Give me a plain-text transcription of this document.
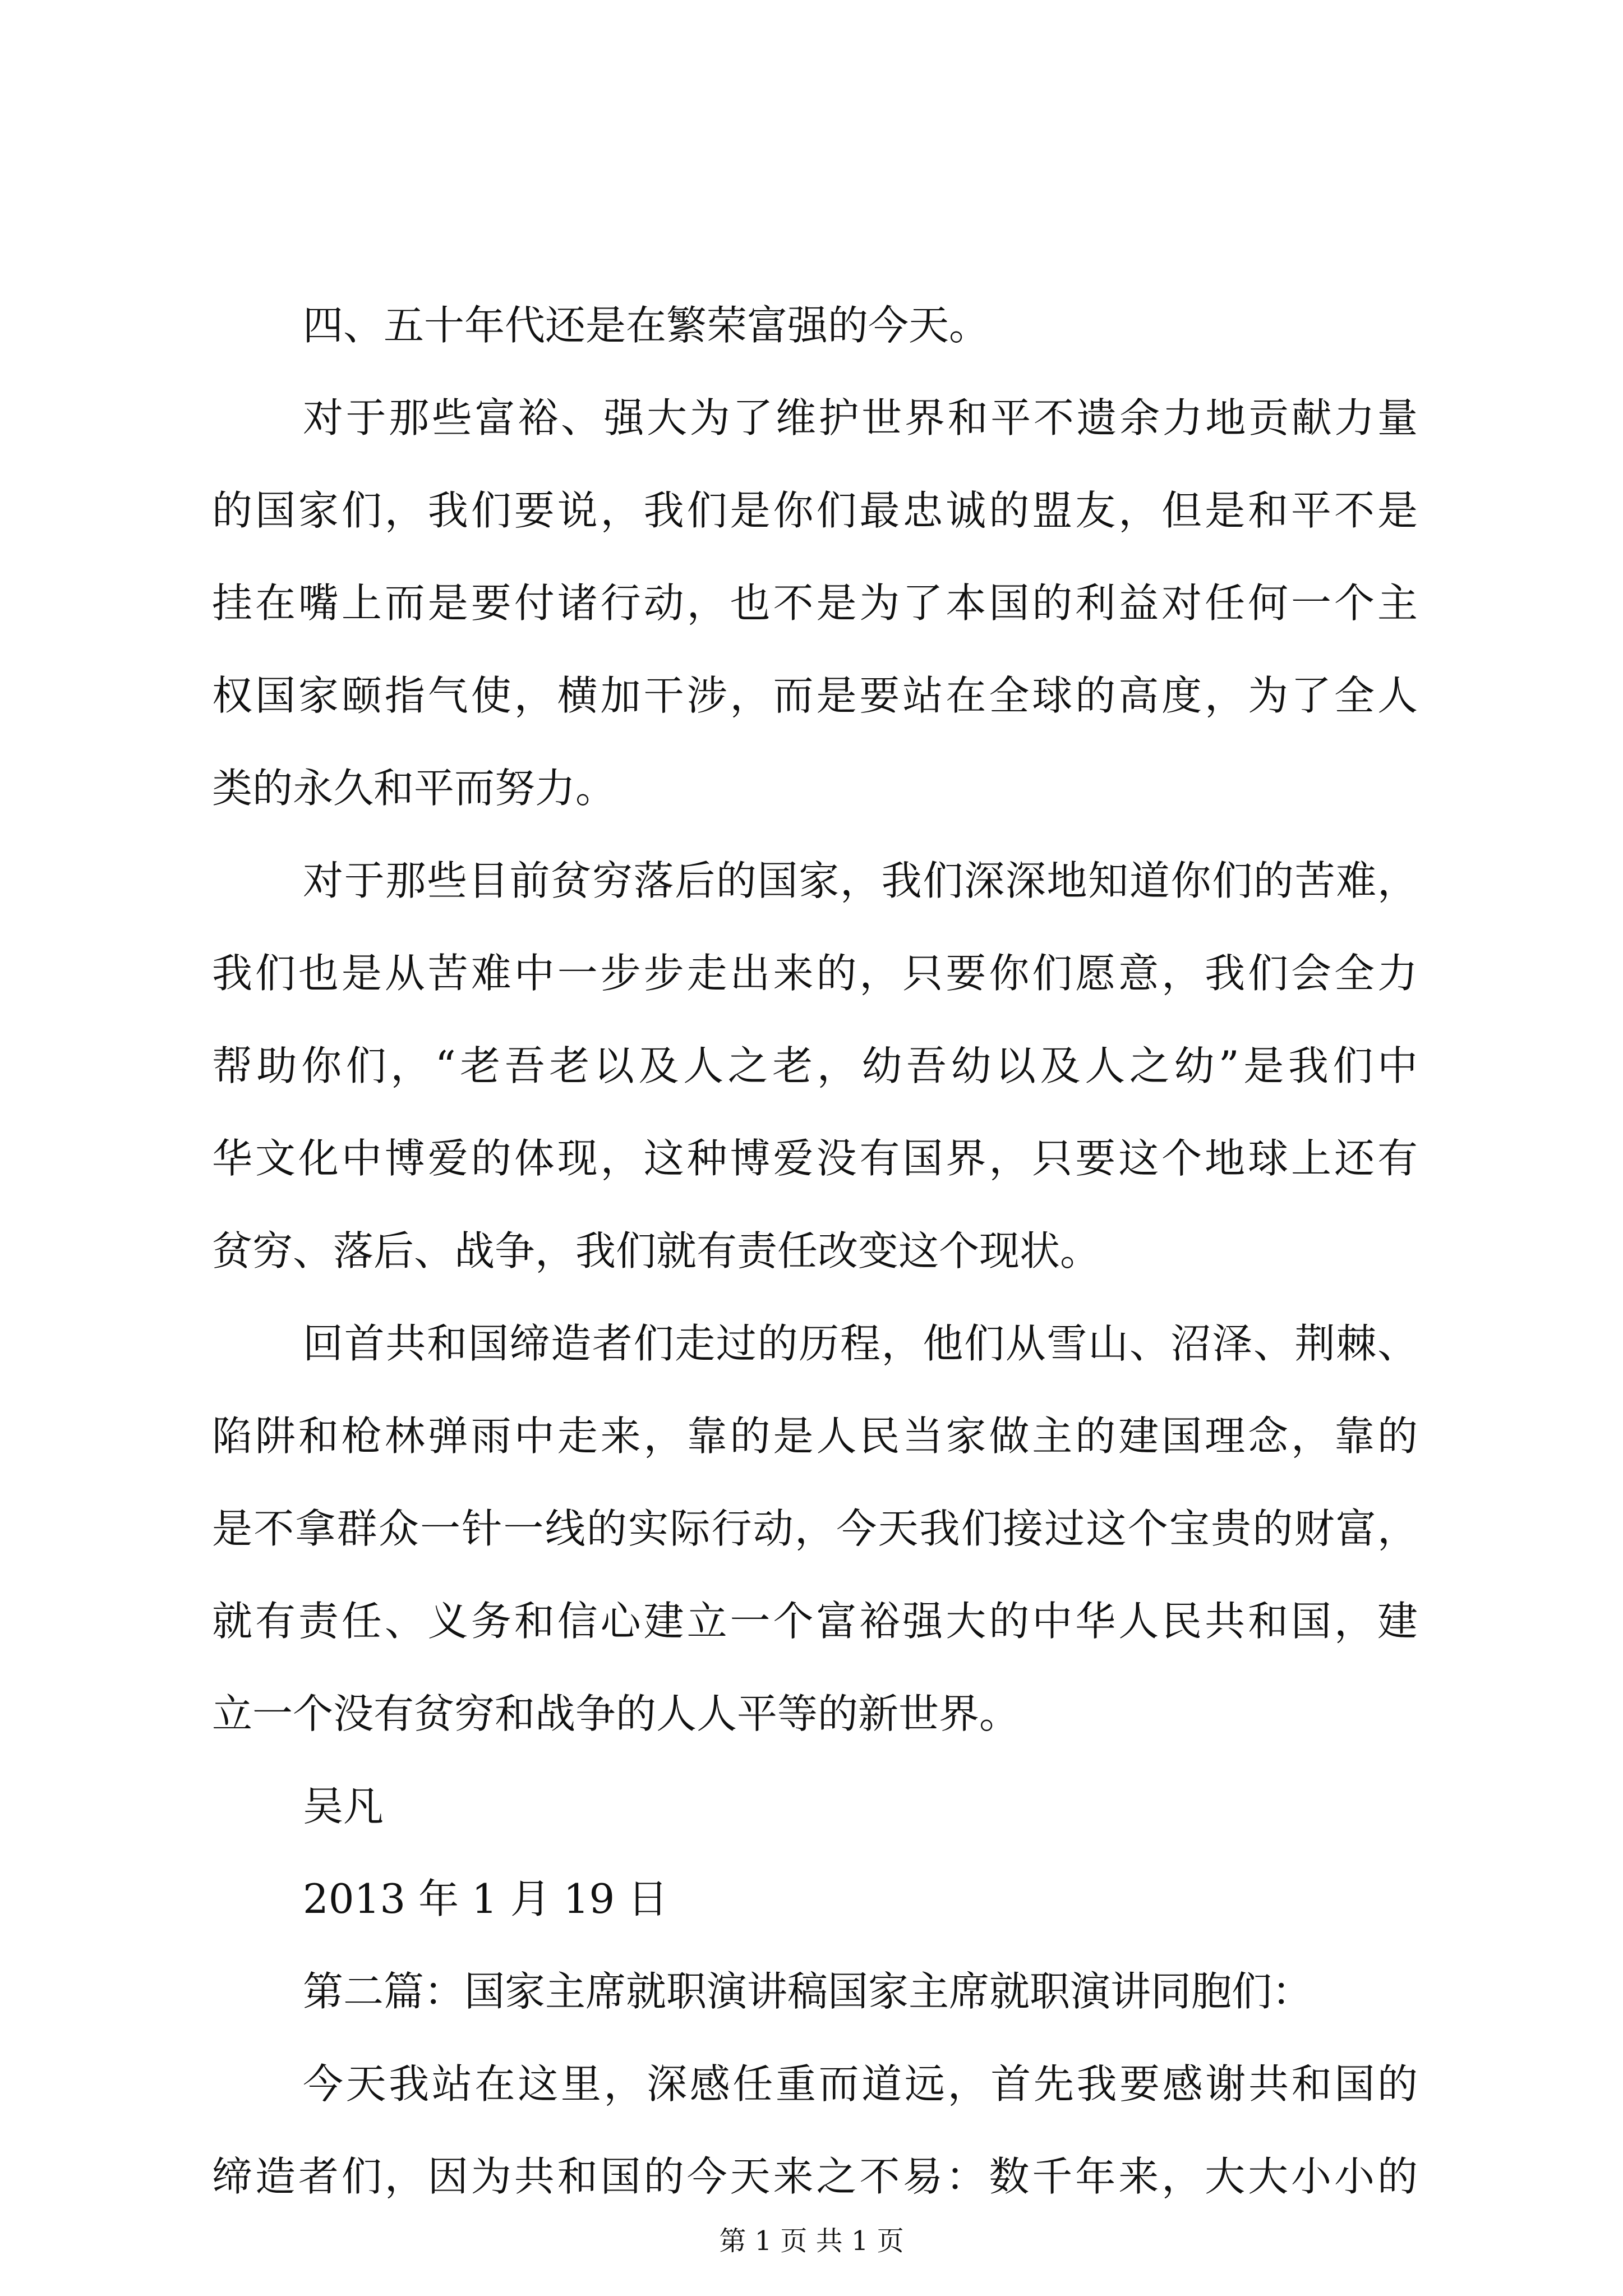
四、五十年代还是在繁荣富强的今天。
对于那些富裕、强大为了维护世界和平不遗余力地贡献力量
的国家们，我们要说，我们是你们最忠诚的盟友，但是和平不是
挂在嘴上而是要付诸行动，也不是为了本国的利益对任何一个主
权国家颐指气使，横加干涉，而是要站在全球的高度，为了全人
类的永久和平而努力。
对于那些目前贫穷落后的国家，我们深深地知道你们的苦难，
我们也是从苦难中一步步走出来的，只要你们愿意，我们会全力
帮助你们，“老吾老以及人之老，幼吾幼以及人之幼”是我们中
华文化中博爱的体现，这种博爱没有国界，只要这个地球上还有
贫穷、落后、战争，我们就有责任改变这个现状。
回首共和国缔造者们走过的历程，他们从雪山、沼泽、荆棘、
陷阱和枪林弹雨中走来，靠的是人民当家做主的建国理念，靠的
是不拿群众一针一线的实际行动，今天我们接过这个宝贵的财富，
就有责任、义务和信心建立一个富裕强大的中华人民共和国，建
立一个没有贫穷和战争的人人平等的新世界。
吴凡
2013 年 1 月 19 日
第二篇：国家主席就职演讲稿国家主席就职演讲同胞们：
今天我站在这里，深感任重而道远，首先我要感谢共和国的
缔造者们，因为共和国的今天来之不易：数千年来，大大小小的
第 1 页 共 1 页
